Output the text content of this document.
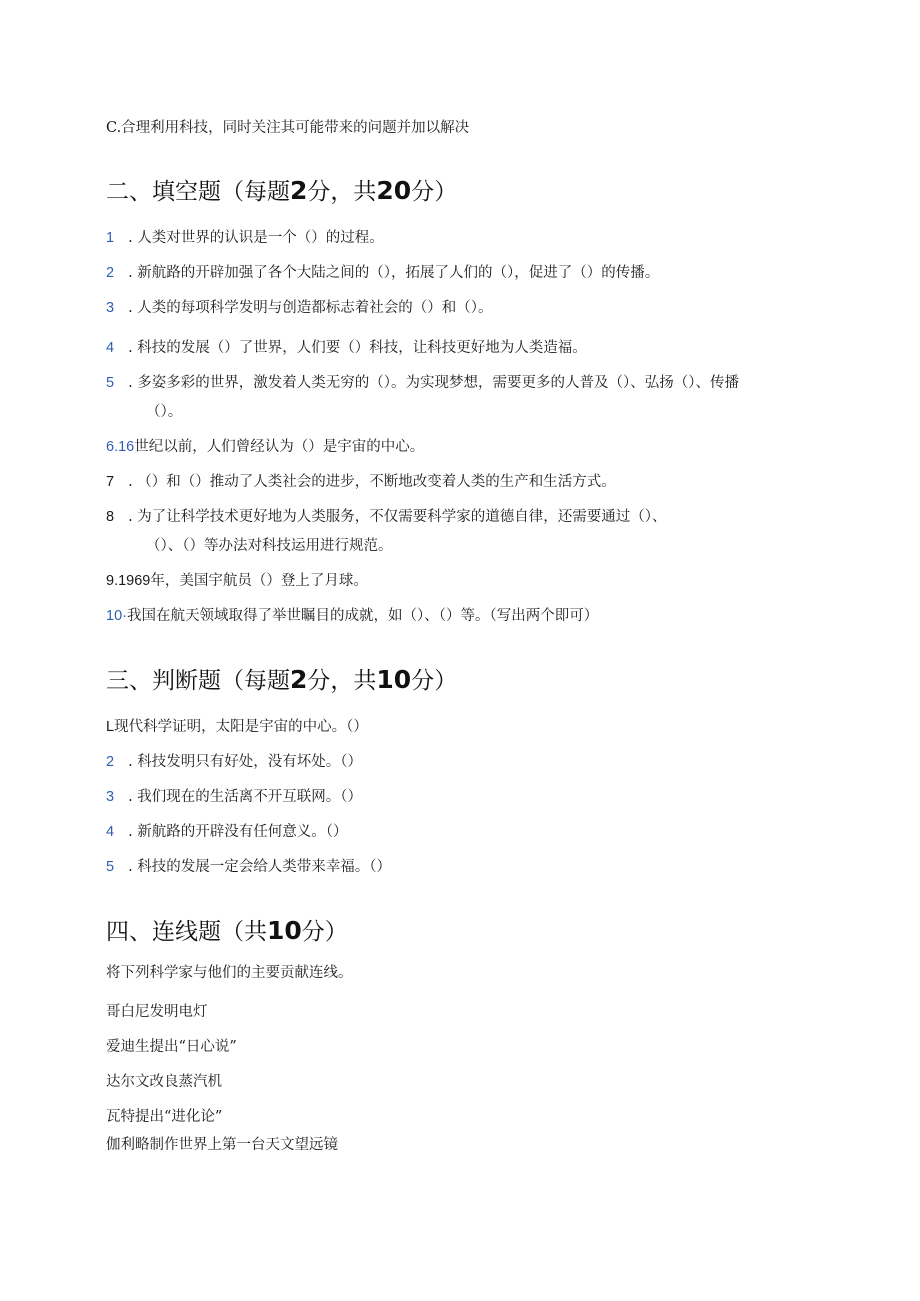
C.合理利用科技，同时关注其可能带来的问题并加以解决
二、填空题（每题2分，共20分）
1 . 人类对世界的认识是一个（）的过程。
2 . 新航路的开辟加强了各个大陆之间的（），拓展了人们的（），促进了（）的传播。
3 . 人类的每项科学发明与创造都标志着社会的（）和（）。
4 . 科技的发展（）了世界，人们要（）科技，让科技更好地为人类造福。
5 . 多姿多彩的世界，激发着人类无穷的（）。为实现梦想，需要更多的人普及（）、弘扬（）、传播
（）。
6.16世纪以前，人们曾经认为（）是宇宙的中心。
7 . （）和（）推动了人类社会的进步，不断地改变着人类的生产和生活方式。
8 . 为了让科学技术更好地为人类服务，不仅需要科学家的道德自律，还需要通过（）、
（）、（）等办法对科技运用进行规范。
9.1969年，美国宇航员（）登上了月球。
10·我国在航天领域取得了举世瞩目的成就，如（）、（）等。（写出两个即可）
三、判断题（每题2分，共10分）
L现代科学证明，太阳是宇宙的中心。（）
2 . 科技发明只有好处，没有坏处。（）
3 . 我们现在的生活离不开互联网。（）
4 . 新航路的开辟没有任何意义。（）
5 . 科技的发展一定会给人类带来幸福。（）
四、连线题（共10分）
将下列科学家与他们的主要贡献连线。
哥白尼发明电灯
爱迪生提出“日心说”
达尔文改良蒸汽机
瓦特提出“进化论”
伽利略制作世界上第一台天文望远镜
